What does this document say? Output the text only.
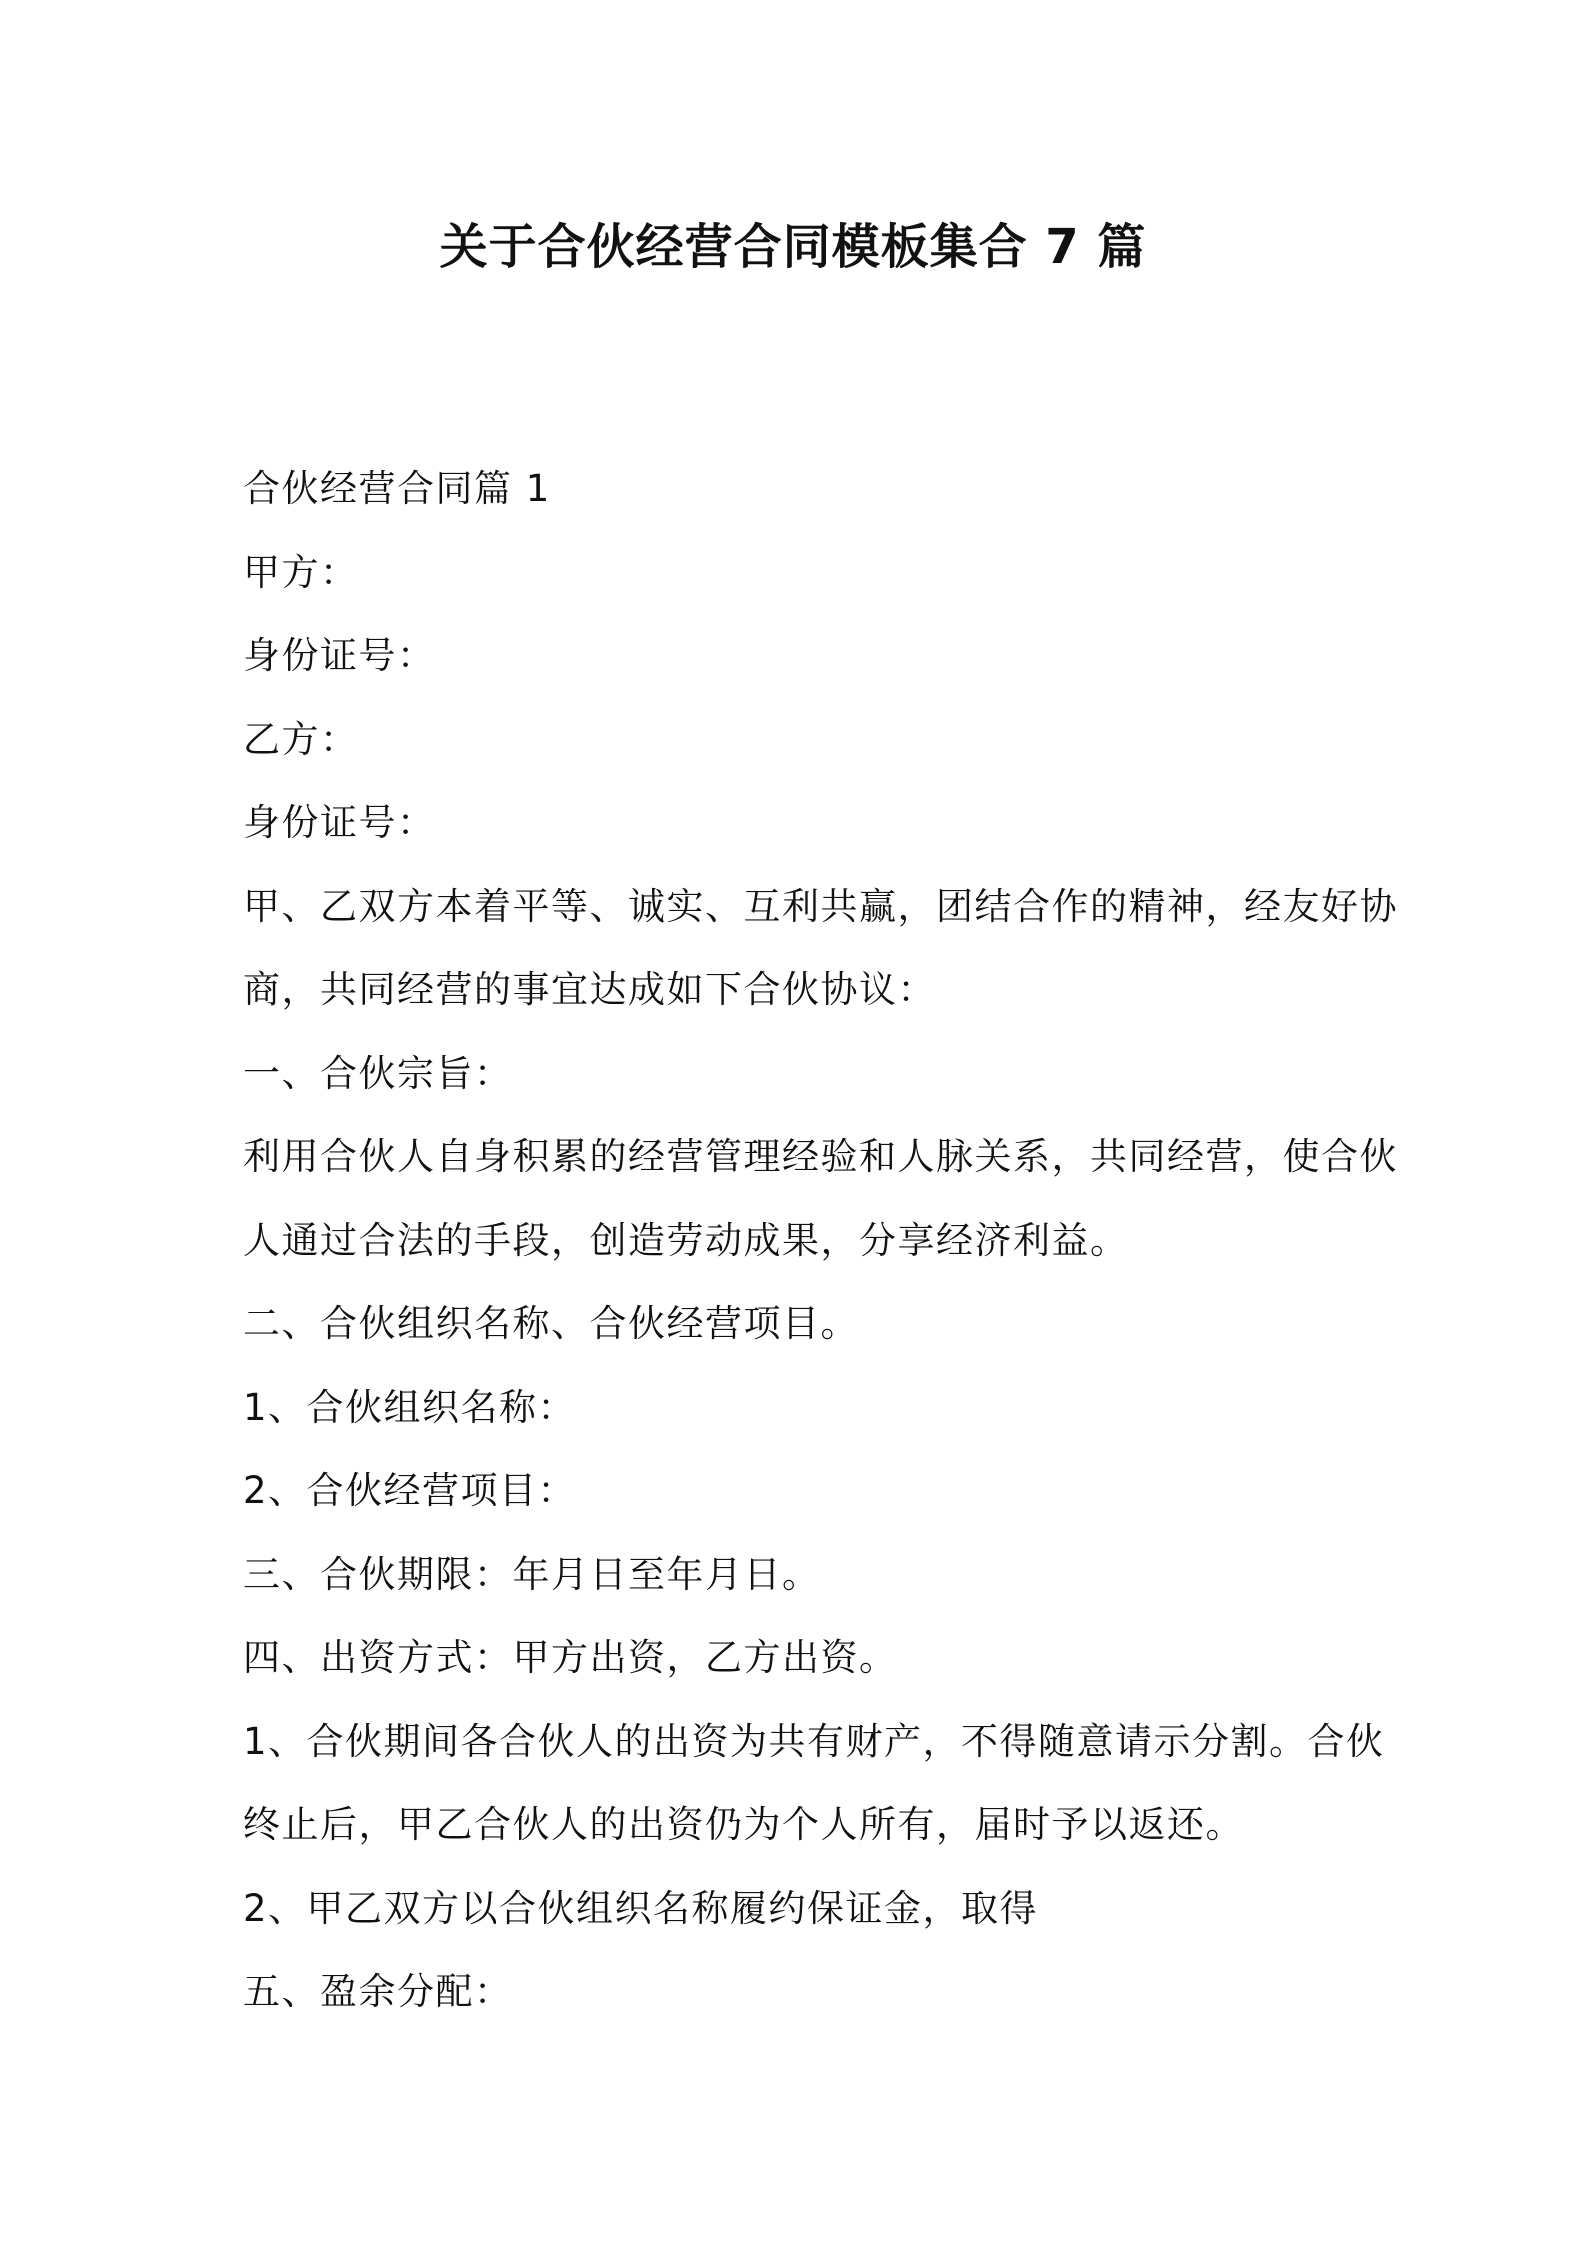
关于合伙经营合同模板集合 7 篇

合伙经营合同篇 1

甲方：

身份证号：

乙方：

身份证号：

甲、乙双方本着平等、诚实、互利共赢，团结合作的精神，经友好协

商，共同经营的事宜达成如下合伙协议：

一、合伙宗旨：

利用合伙人自身积累的经营管理经验和人脉关系，共同经营，使合伙

人通过合法的手段，创造劳动成果，分享经济利益。

二、合伙组织名称、合伙经营项目。

1、合伙组织名称：

2、合伙经营项目：

三、合伙期限：年月日至年月日。

四、出资方式：甲方出资，乙方出资。

1、合伙期间各合伙人的出资为共有财产，不得随意请示分割。合伙

终止后，甲乙合伙人的出资仍为个人所有，届时予以返还。

2、甲乙双方以合伙组织名称履约保证金，取得

五、盈余分配：
